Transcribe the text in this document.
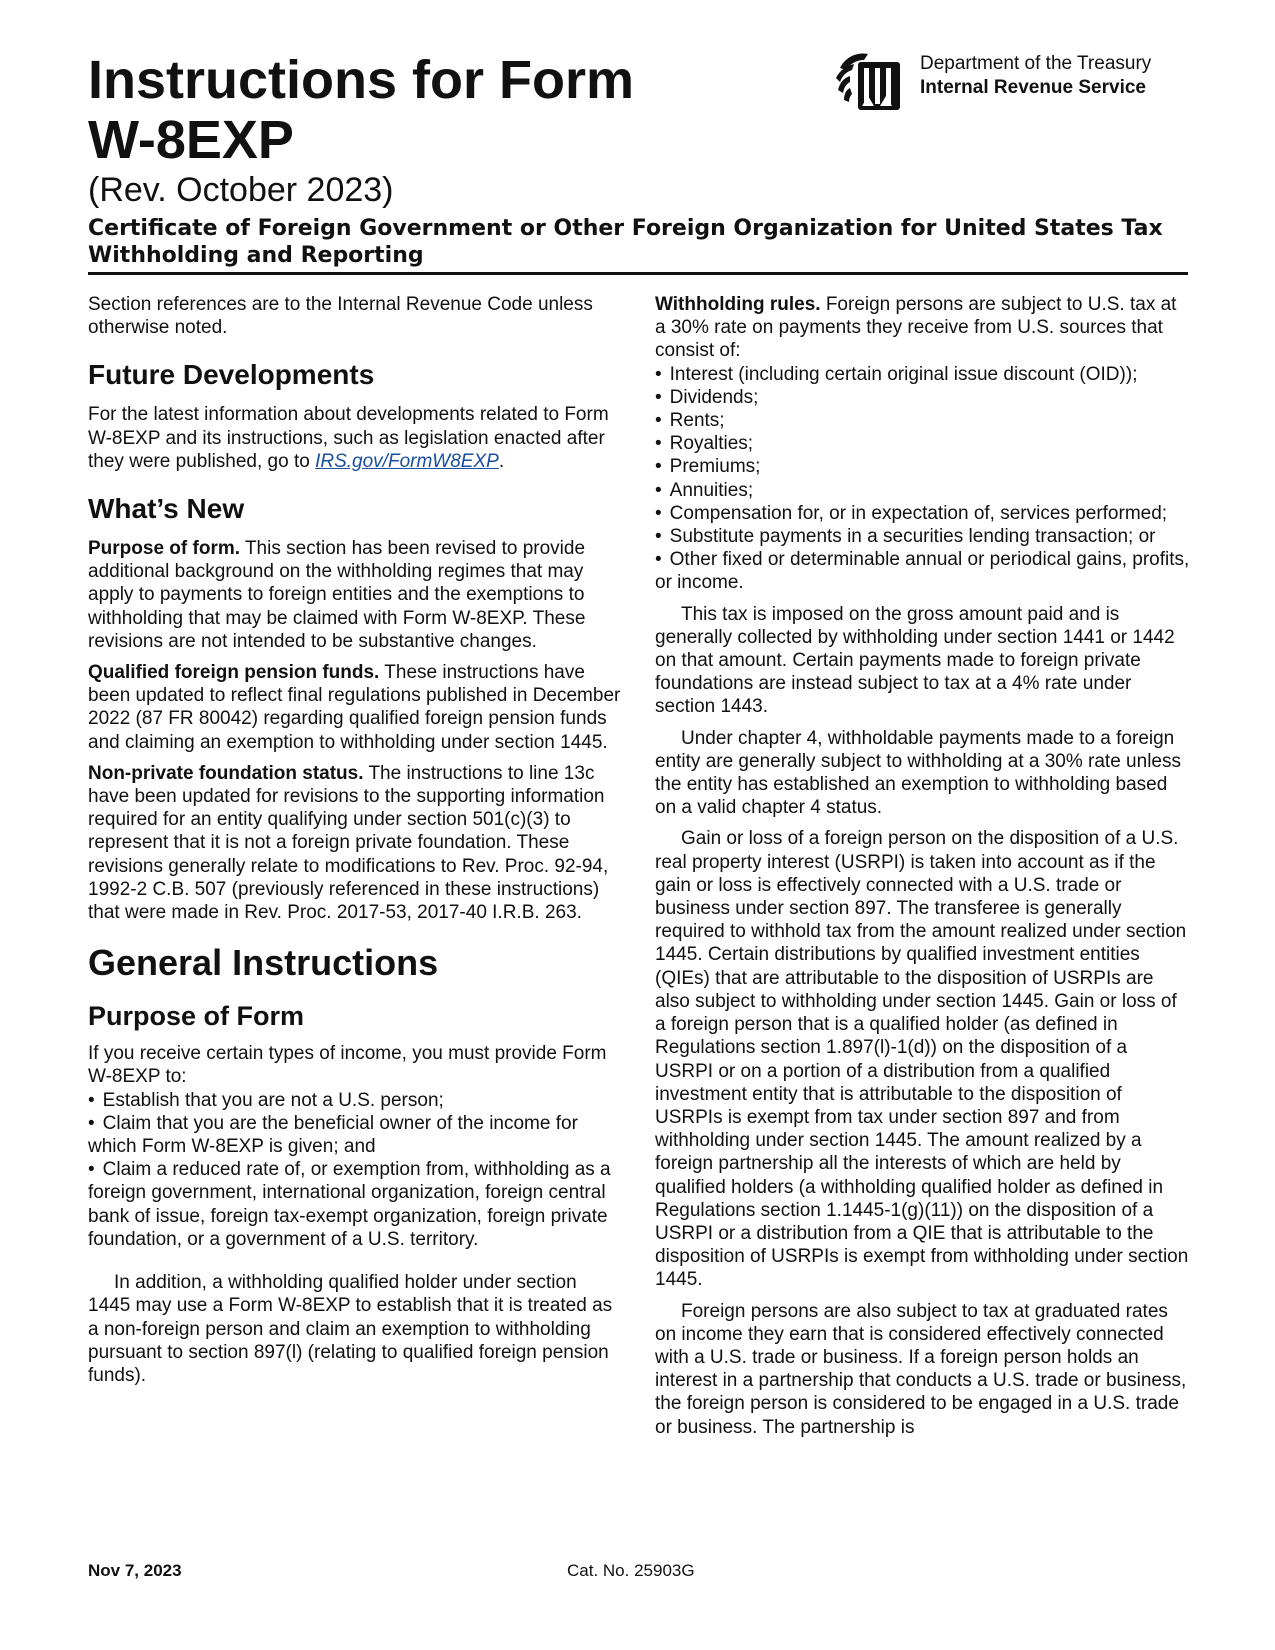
Instructions for Form
W-8EXP
(Rev. October 2023)
Certificate of Foreign Government or Other Foreign Organization for United States Tax Withholding and Reporting
Department of the Treasury
Internal Revenue Service

Section references are to the Internal Revenue Code unless otherwise noted.

Future Developments

For the latest information about developments related to Form W-8EXP and its instructions, such as legislation enacted after they were published, go to IRS.gov/FormW8EXP.

What’s New

Purpose of form. This section has been revised to provide additional background on the withholding regimes that may apply to payments to foreign entities and the exemptions to withholding that may be claimed with Form W-8EXP. These revisions are not intended to be substantive changes.

Qualified foreign pension funds. These instructions have been updated to reflect final regulations published in December 2022 (87 FR 80042) regarding qualified foreign pension funds and claiming an exemption to withholding under section 1445.

Non-private foundation status. The instructions to line 13c have been updated for revisions to the supporting information required for an entity qualifying under section 501(c)(3) to represent that it is not a foreign private foundation. These revisions generally relate to modifications to Rev. Proc. 92-94, 1992-2 C.B. 507 (previously referenced in these instructions) that were made in Rev. Proc. 2017-53, 2017-40 I.R.B. 263.

General Instructions
Purpose of Form

If you receive certain types of income, you must provide Form W-8EXP to:

• Establish that you are not a U.S. person;
• Claim that you are the beneficial owner of the income for which Form W-8EXP is given; and
• Claim a reduced rate of, or exemption from, withholding as a foreign government, international organization, foreign central bank of issue, foreign tax-exempt organization, foreign private foundation, or a government of a U.S. territory.

In addition, a withholding qualified holder under section 1445 may use a Form W-8EXP to establish that it is treated as a non-foreign person and claim an exemption to withholding pursuant to section 897(l) (relating to qualified foreign pension funds).

Withholding rules. Foreign persons are subject to U.S. tax at a 30% rate on payments they receive from U.S. sources that consist of:

• Interest (including certain original issue discount (OID));
• Dividends;
• Rents;
• Royalties;
• Premiums;
• Annuities;
• Compensation for, or in expectation of, services performed;
• Substitute payments in a securities lending transaction; or
• Other fixed or determinable annual or periodical gains, profits, or income.

This tax is imposed on the gross amount paid and is generally collected by withholding under section 1441 or 1442 on that amount. Certain payments made to foreign private foundations are instead subject to tax at a 4% rate under section 1443.

Under chapter 4, withholdable payments made to a foreign entity are generally subject to withholding at a 30% rate unless the entity has established an exemption to withholding based on a valid chapter 4 status.

Gain or loss of a foreign person on the disposition of a U.S. real property interest (USRPI) is taken into account as if the gain or loss is effectively connected with a U.S. trade or business under section 897. The transferee is generally required to withhold tax from the amount realized under section 1445. Certain distributions by qualified investment entities (QIEs) that are attributable to the disposition of USRPIs are also subject to withholding under section 1445. Gain or loss of a foreign person that is a qualified holder (as defined in Regulations section 1.897(l)-1(d)) on the disposition of a USRPI or on a portion of a distribution from a qualified investment entity that is attributable to the disposition of USRPIs is exempt from tax under section 897 and from withholding under section 1445. The amount realized by a foreign partnership all the interests of which are held by qualified holders (a withholding qualified holder as defined in Regulations section 1.1445-1(g)(11)) on the disposition of a USRPI or a distribution from a QIE that is attributable to the disposition of USRPIs is exempt from withholding under section 1445.

Foreign persons are also subject to tax at graduated rates on income they earn that is considered effectively connected with a U.S. trade or business. If a foreign person holds an interest in a partnership that conducts a U.S. trade or business, the foreign person is considered to be engaged in a U.S. trade or business. The partnership is

Nov 7, 2023	Cat. No. 25903G
